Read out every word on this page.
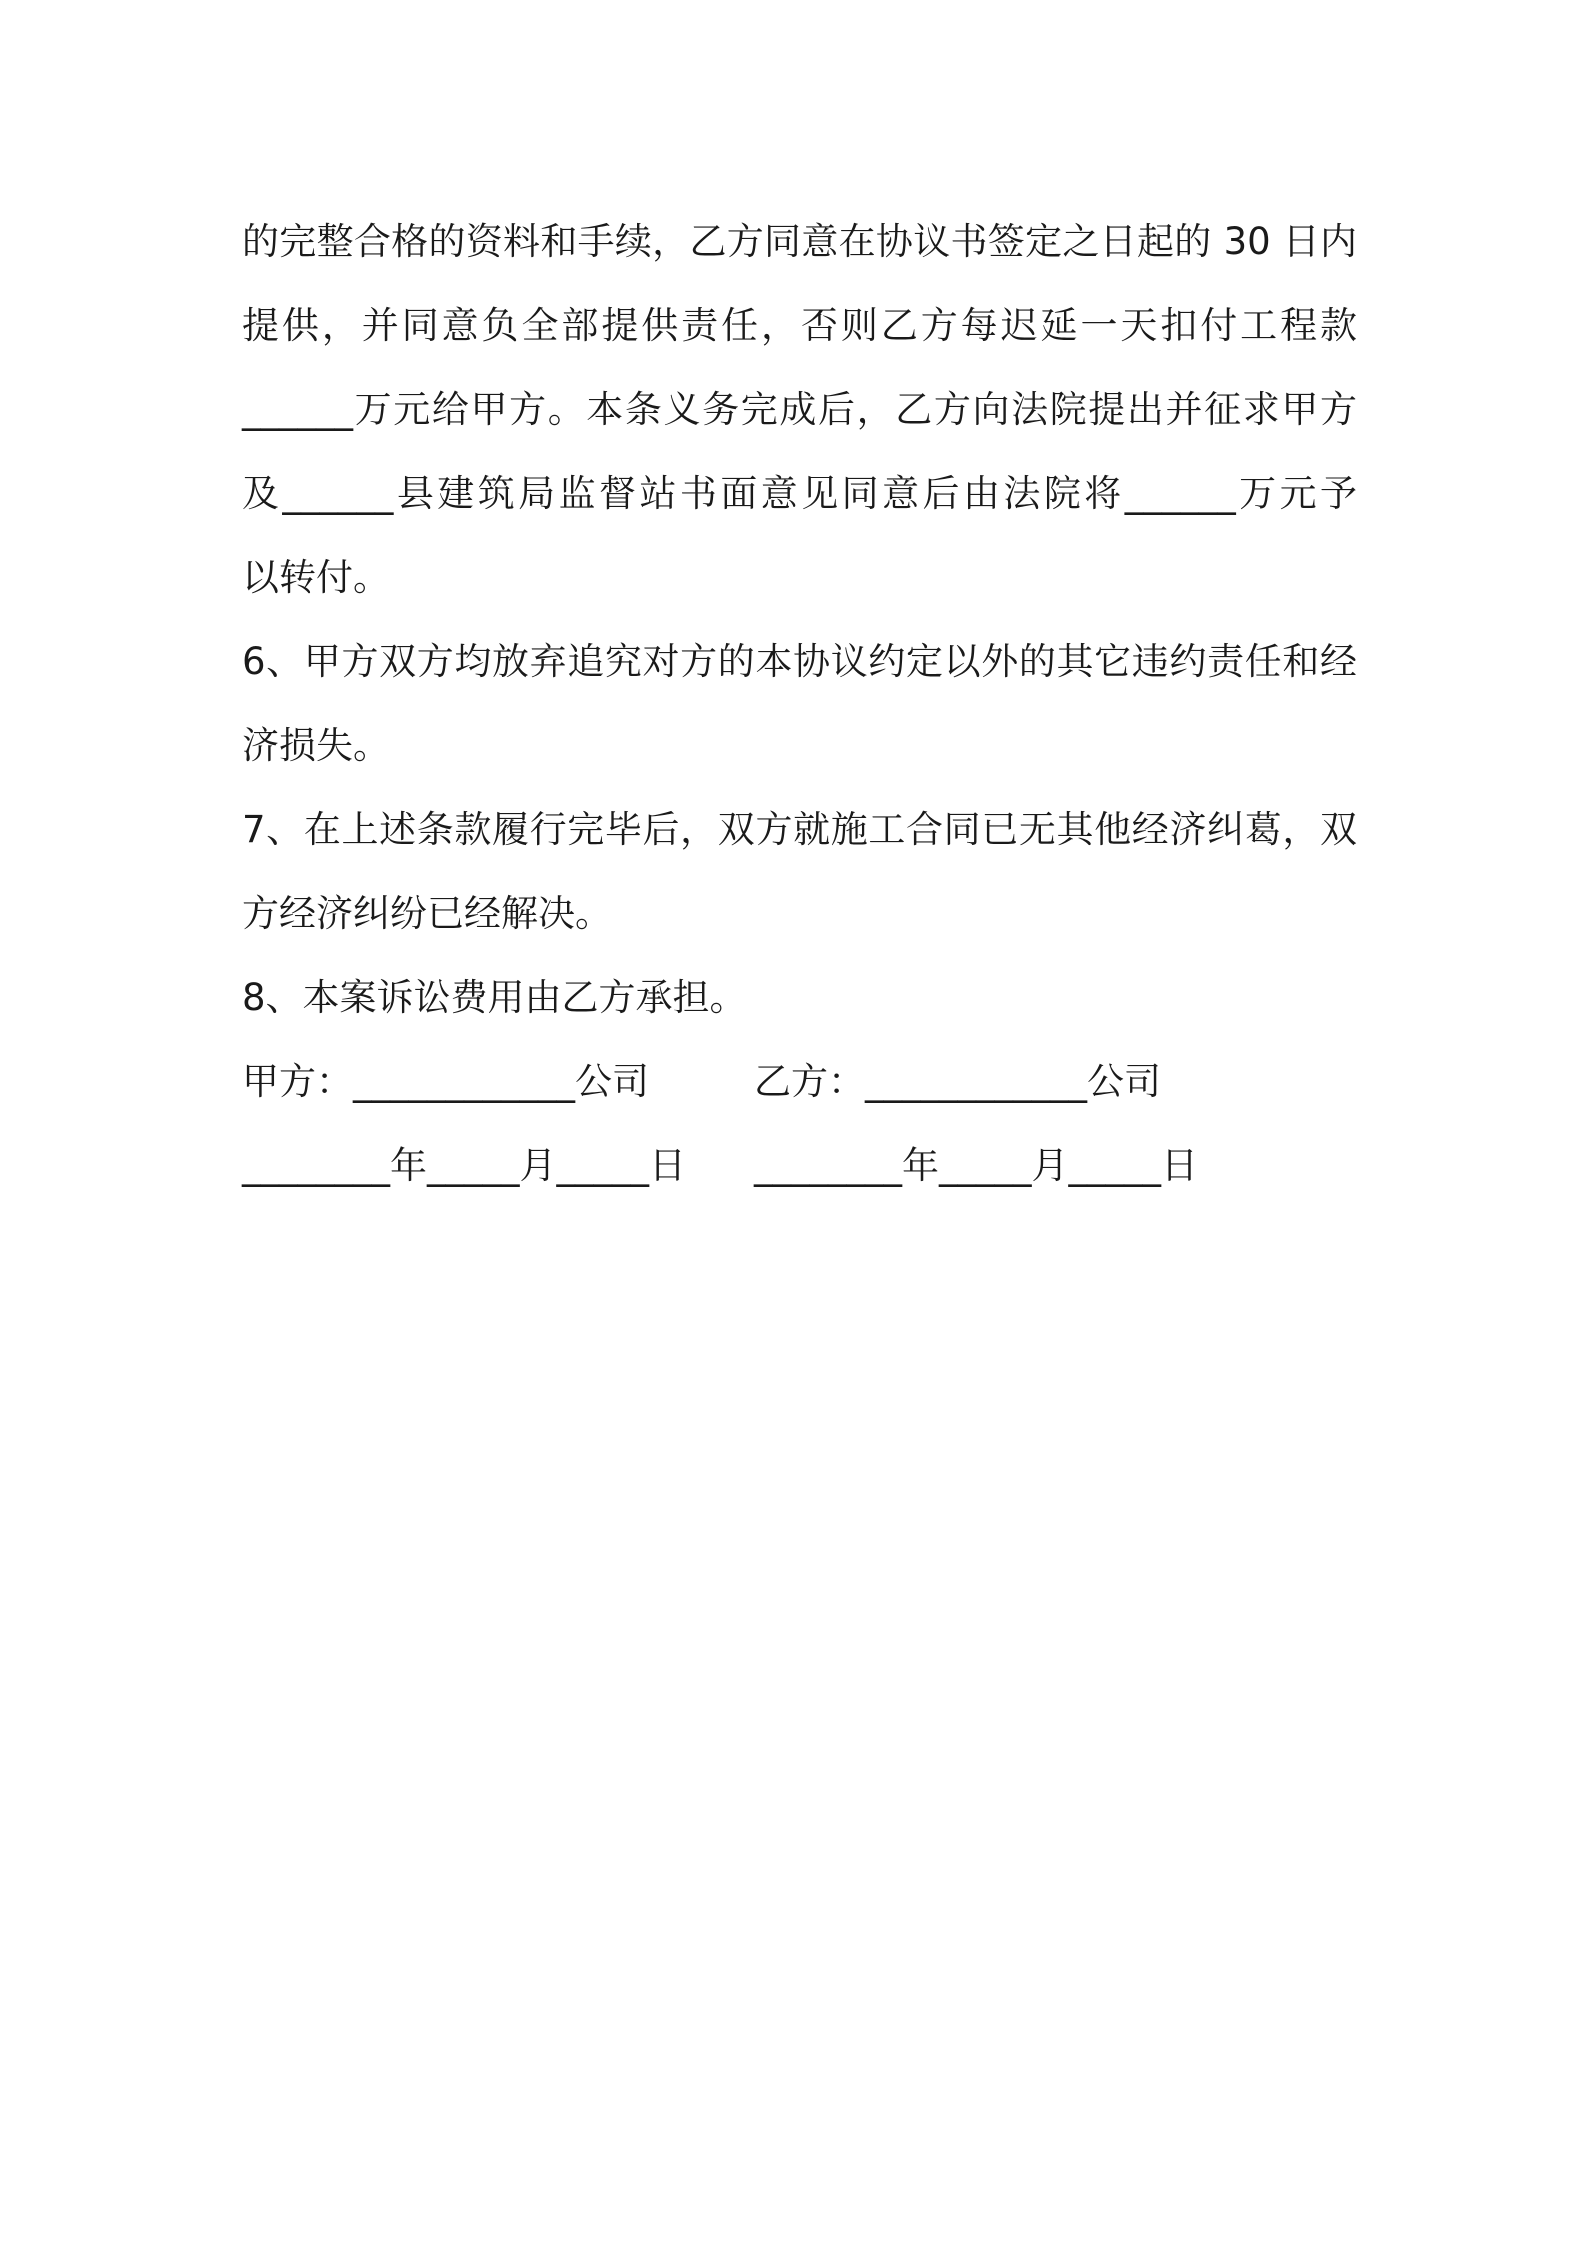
的完整合格的资料和手续，乙方同意在协议书签定之日起的 30 日内
提供，并同意负全部提供责任，否则乙方每迟延一天扣付工程款
______万元给甲方。本条义务完成后，乙方向法院提出并征求甲方
及______县建筑局监督站书面意见同意后由法院将______万元予
以转付。
6、甲方双方均放弃追究对方的本协议约定以外的其它违约责任和经
济损失。
7、在上述条款履行完毕后，双方就施工合同已无其他经济纠葛，双
方经济纠纷已经解决。
8、本案诉讼费用由乙方承担。
甲方：____________公司	乙方：____________公司
________年_____月_____日	________年_____月_____日
